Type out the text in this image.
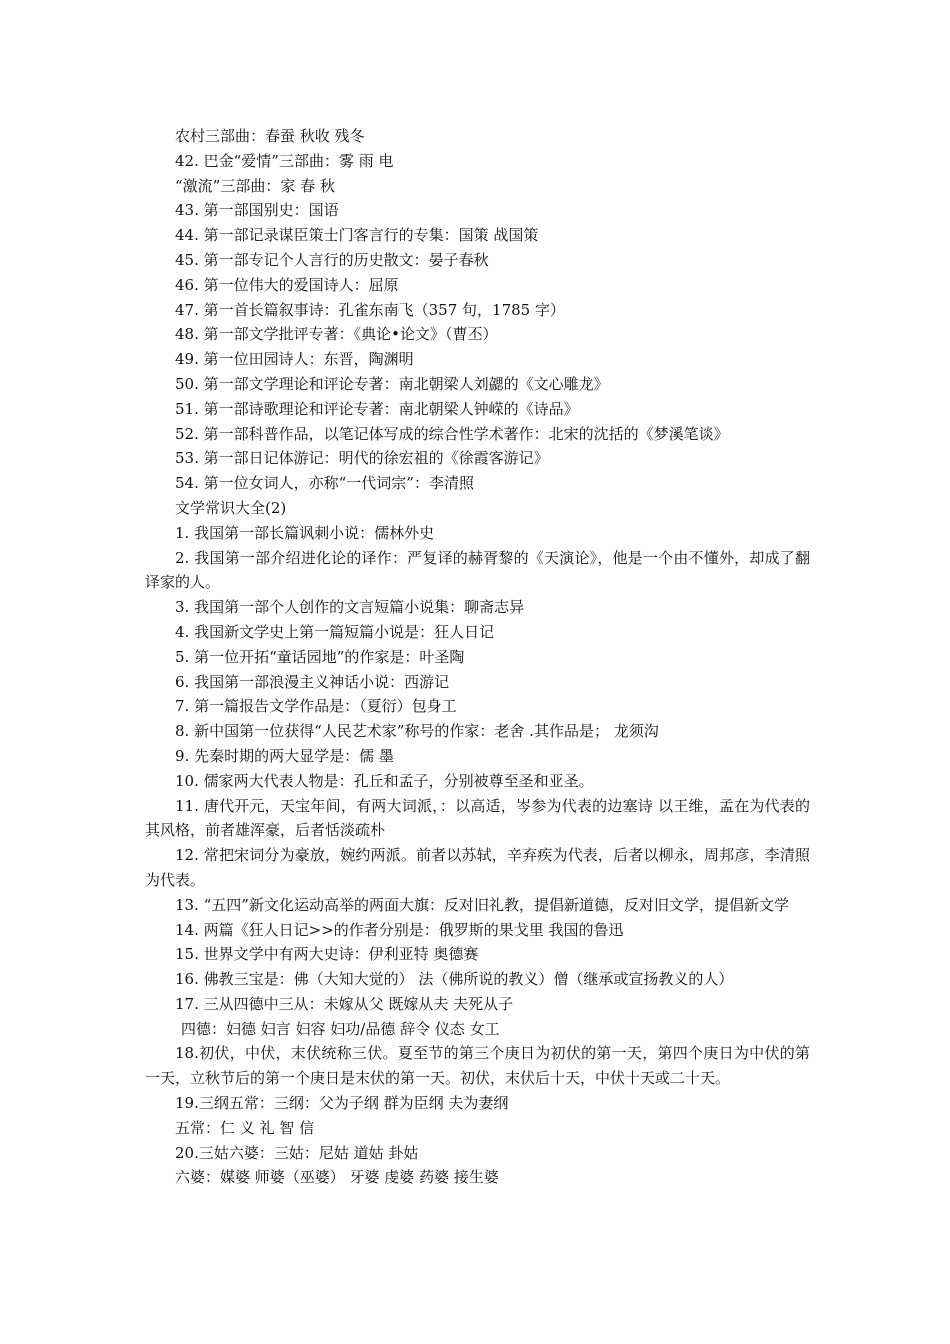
农村三部曲：春蚕 秋收 残冬

42. 巴金“爱情”三部曲：雾 雨 电

“激流”三部曲：家 春 秋

43. 第一部国别史：国语

44. 第一部记录谋臣策士门客言行的专集：国策 战国策

45. 第一部专记个人言行的历史散文：晏子春秋

46. 第一位伟大的爱国诗人：屈原

47. 第一首长篇叙事诗：孔雀东南飞（357 句，1785 字）

48. 第一部文学批评专著：《典论•论文》（曹丕）

49. 第一位田园诗人：东晋，陶渊明

50. 第一部文学理论和评论专著：南北朝梁人刘勰的《文心雕龙》

51. 第一部诗歌理论和评论专著：南北朝梁人钟嵘的《诗品》

52. 第一部科普作品，以笔记体写成的综合性学术著作：北宋的沈括的《梦溪笔谈》

53. 第一部日记体游记：明代的徐宏祖的《徐霞客游记》

54. 第一位女词人，亦称“一代词宗”：李清照

文学常识大全(2)

1. 我国第一部长篇讽刺小说：儒林外史

2. 我国第一部介绍进化论的译作：严复译的赫胥黎的《天演论》，他是一个由不懂外，却成了翻译家的人。

3. 我国第一部个人创作的文言短篇小说集：聊斋志异

4. 我国新文学史上第一篇短篇小说是：狂人日记

5. 第一位开拓“童话园地”的作家是：叶圣陶

6. 我国第一部浪漫主义神话小说：西游记

7. 第一篇报告文学作品是：（夏衍）包身工

8. 新中国第一位获得“人民艺术家”称号的作家：老舍 .其作品是； 龙须沟

9. 先秦时期的两大显学是：儒 墨

10. 儒家两大代表人物是：孔丘和孟子，分别被尊至圣和亚圣。

11. 唐代开元，天宝年间，有两大词派，：以高适，岑参为代表的边塞诗 以王维，孟在为代表的其风格，前者雄浑豪，后者恬淡疏朴

12. 常把宋词分为豪放，婉约两派。前者以苏轼，辛弃疾为代表，后者以柳永，周邦彦，李清照为代表。

13. “五四”新文化运动高举的两面大旗：反对旧礼教，提倡新道德，反对旧文学，提倡新文学

14. 两篇《狂人日记>>的作者分别是：俄罗斯的果戈里 我国的鲁迅

15. 世界文学中有两大史诗：伊利亚特 奥德赛

16. 佛教三宝是：佛（大知大觉的） 法（佛所说的教义）僧（继承或宣扬教义的人）

17. 三从四德中三从：未嫁从父 既嫁从夫 夫死从子

四德：妇德 妇言 妇容 妇功/品德 辞令 仪态 女工

18.初伏，中伏，末伏统称三伏。夏至节的第三个庚日为初伏的第一天，第四个庚日为中伏的第一天，立秋节后的第一个庚日是末伏的第一天。初伏，末伏后十天，中伏十天或二十天。

19.三纲五常：三纲：父为子纲 群为臣纲 夫为妻纲

五常：仁 义 礼 智 信

20.三姑六婆：三姑：尼姑 道姑 卦姑

六婆：媒婆 师婆（巫婆） 牙婆 虔婆 药婆 接生婆
